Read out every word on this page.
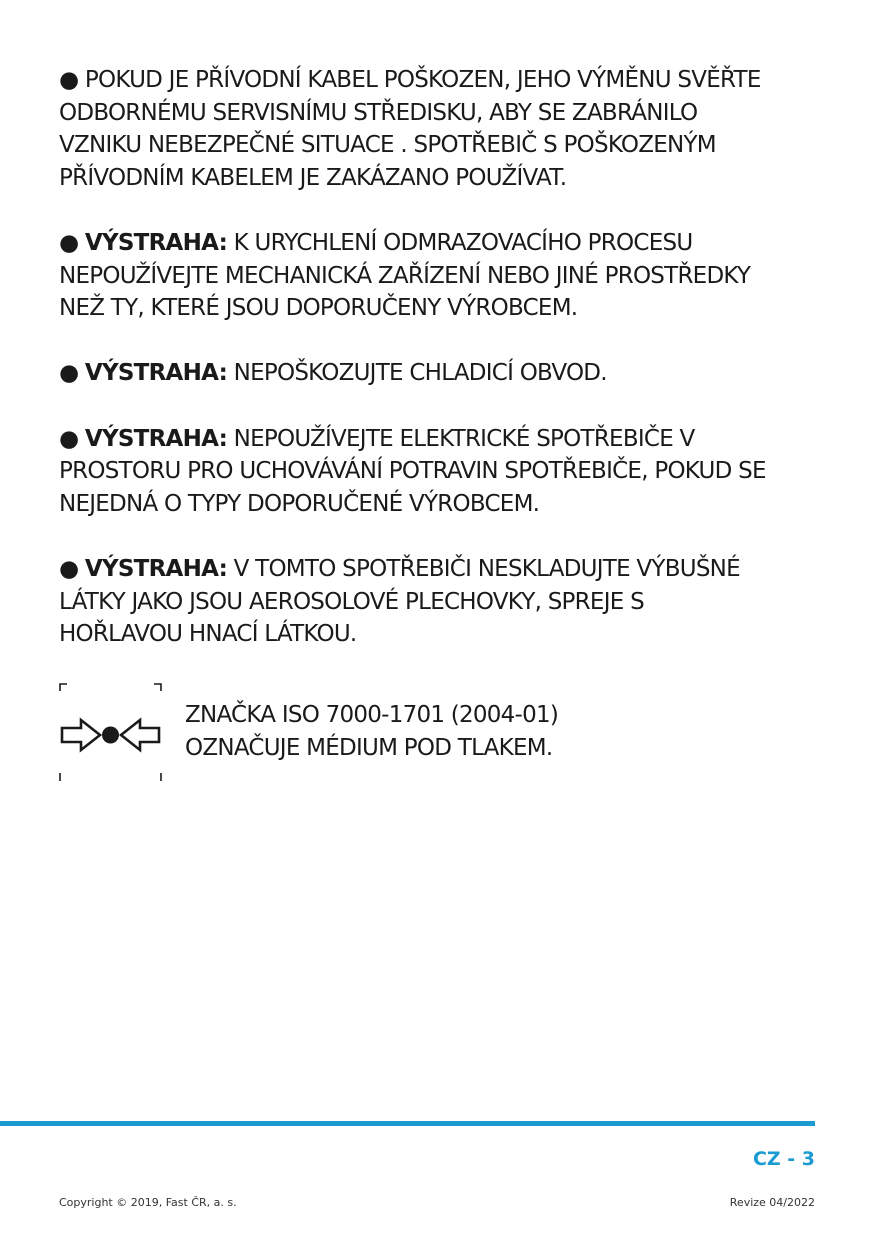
● POKUD JE PŘÍVODNÍ KABEL POŠKOZEN, JEHO VÝMĚNU SVĚŘTE
ODBORNÉMU SERVISNÍMU STŘEDISKU, ABY SE ZABRÁNILO
VZNIKU NEBEZPEČNÉ SITUACE . SPOTŘEBIČ S POŠKOZENÝM
PŘÍVODNÍM KABELEM JE ZAKÁZANO POUŽÍVAT.

● VÝSTRAHA: K URYCHLENÍ ODMRAZOVACÍHO PROCESU
NEPOUŽÍVEJTE MECHANICKÁ ZAŘÍZENÍ NEBO JINÉ PROSTŘEDKY
NEŽ TY, KTERÉ JSOU DOPORUČENY VÝROBCEM.

● VÝSTRAHA: NEPOŠKOZUJTE CHLADICÍ OBVOD.

● VÝSTRAHA: NEPOUŽÍVEJTE ELEKTRICKÉ SPOTŘEBIČE V
PROSTORU PRO UCHOVÁVÁNÍ POTRAVIN SPOTŘEBIČE, POKUD SE
NEJEDNÁ O TYPY DOPORUČENÉ VÝROBCEM.

● VÝSTRAHA: V TOMTO SPOTŘEBIČI NESKLADUJTE VÝBUŠNÉ
LÁTKY JAKO JSOU AEROSOLOVÉ PLECHOVKY, SPREJE S
HOŘLAVOU HNACÍ LÁTKOU.

ZNAČKA ISO 7000-1701 (2004-01)
OZNAČUJE MÉDIUM POD TLAKEM.
CZ - 3
Copyright © 2019, Fast ČR, a. s.	Revize 04/2022
